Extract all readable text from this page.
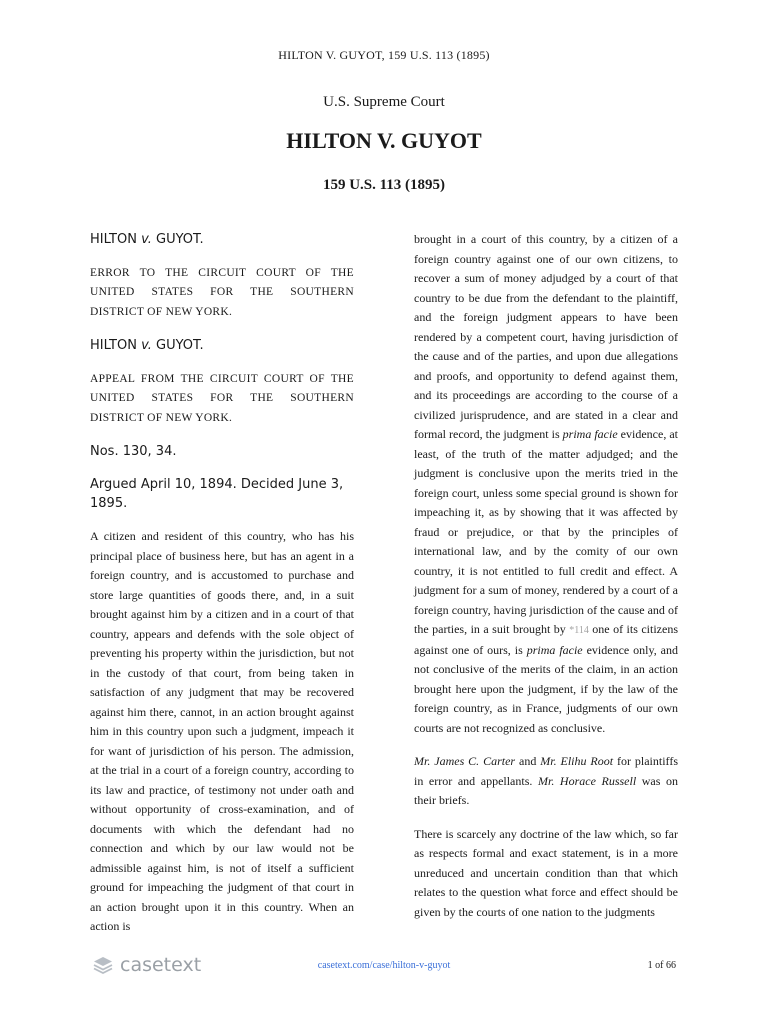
HILTON V. GUYOT, 159 U.S. 113 (1895)
U.S. Supreme Court
HILTON V. GUYOT
159 U.S. 113 (1895)

HILTON v. GUYOT.

ERROR TO THE CIRCUIT COURT OF THE UNITED STATES FOR THE SOUTHERN DISTRICT OF NEW YORK.

HILTON v. GUYOT.

APPEAL FROM THE CIRCUIT COURT OF THE UNITED STATES FOR THE SOUTHERN DISTRICT OF NEW YORK.

Nos. 130, 34.

Argued April 10, 1894. Decided June 3, 1895.

A citizen and resident of this country, who has his principal place of business here, but has an agent in a foreign country, and is accustomed to purchase and store large quantities of goods there, and, in a suit brought against him by a citizen and in a court of that country, appears and defends with the sole object of preventing his property within the jurisdiction, but not in the custody of that court, from being taken in satisfaction of any judgment that may be recovered against him there, cannot, in an action brought against him in this country upon such a judgment, impeach it for want of jurisdiction of his person. The admission, at the trial in a court of a foreign country, according to its law and practice, of testimony not under oath and without opportunity of cross-examination, and of documents with which the defendant had no connection and which by our law would not be admissible against him, is not of itself a sufficient ground for impeaching the judgment of that court in an action brought upon it in this country. When an action is

brought in a court of this country, by a citizen of a foreign country against one of our own citizens, to recover a sum of money adjudged by a court of that country to be due from the defendant to the plaintiff, and the foreign judgment appears to have been rendered by a competent court, having jurisdiction of the cause and of the parties, and upon due allegations and proofs, and opportunity to defend against them, and its proceedings are according to the course of a civilized jurisprudence, and are stated in a clear and formal record, the judgment is prima facie evidence, at least, of the truth of the matter adjudged; and the judgment is conclusive upon the merits tried in the foreign court, unless some special ground is shown for impeaching it, as by showing that it was affected by fraud or prejudice, or that by the principles of international law, and by the comity of our own country, it is not entitled to full credit and effect. A judgment for a sum of money, rendered by a court of a foreign country, having jurisdiction of the cause and of the parties, in a suit brought by *114 one of its citizens against one of ours, is prima facie evidence only, and not conclusive of the merits of the claim, in an action brought here upon the judgment, if by the law of the foreign country, as in France, judgments of our own courts are not recognized as conclusive.

Mr. James C. Carter and Mr. Elihu Root for plaintiffs in error and appellants. Mr. Horace Russell was on their briefs.

There is scarcely any doctrine of the law which, so far as respects formal and exact statement, is in a more unreduced and uncertain condition than that which relates to the question what force and effect should be given by the courts of one nation to the judgments

casetext	casetext.com/case/hilton-v-guyot	1 of 66
